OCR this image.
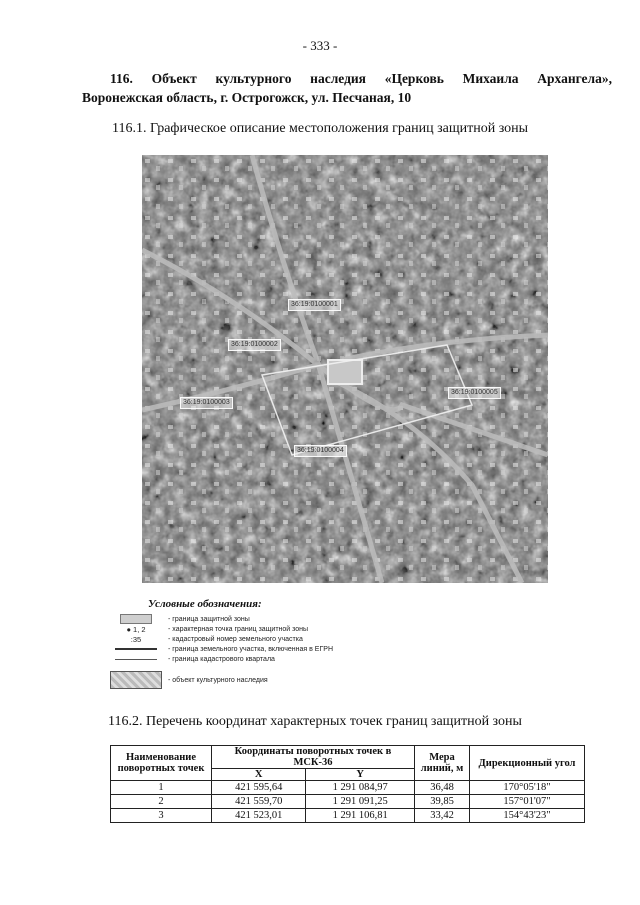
- 333 -
116. Объект культурного наследия «Церковь Михаила Архангела»,
Воронежская область, г. Острогожск, ул. Песчаная, 10
116.1. Графическое описание местоположения границ защитной зоны
36:19:0100001
36:19:0100002
36:19:0100003
36:19:0100005
36:19:0100004
Условные обозначения:
- граница защитной зоны
● 1, 2	- характерная точка границ защитной зоны
:35	- кадастровый номер земельного участка
- граница земельного участка, включенная в ЕГРН
- граница кадастрового квартала
- объект культурного наследия
116.2. Перечень координат характерных точек границ защитной зоны
Наименование поворотных точек	Координаты поворотных точек в МСК-36		Мера линий, м	Дирекционный угол
	X	Y		
1	421 595,64	1 291 084,97	36,48	170°05'18"
2	421 559,70	1 291 091,25	39,85	157°01'07"
3	421 523,01	1 291 106,81	33,42	154°43'23"
